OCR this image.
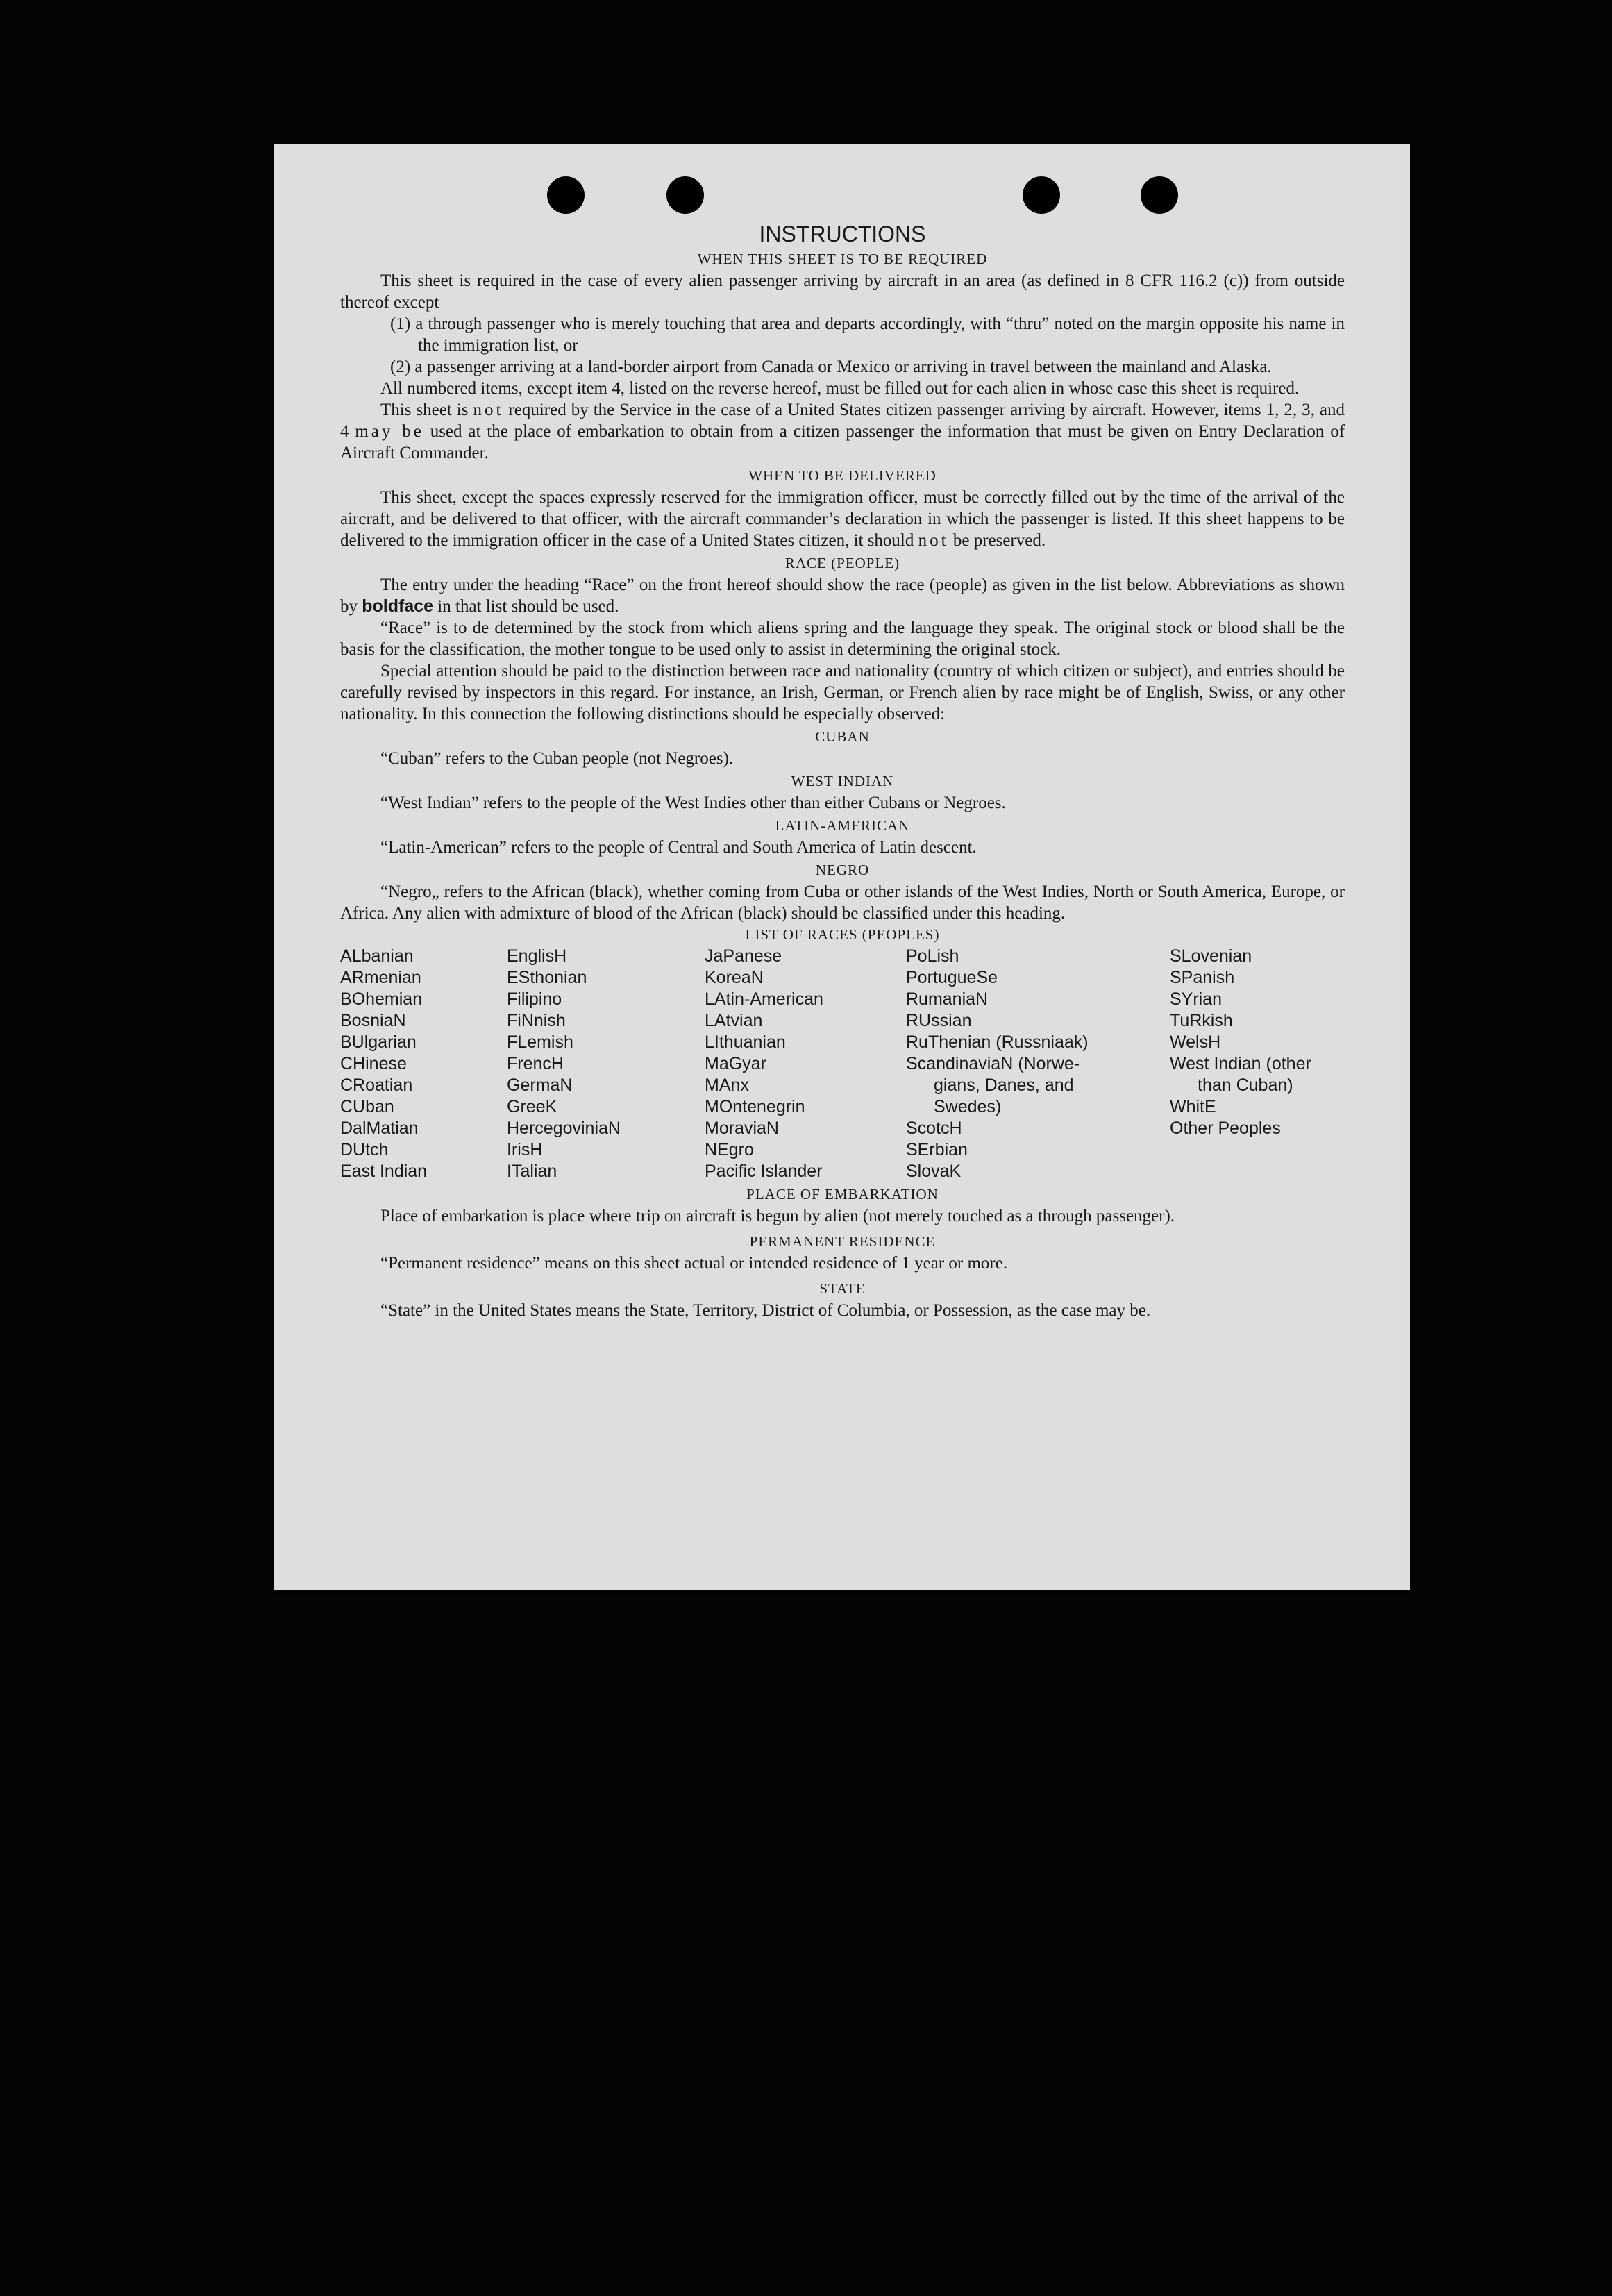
INSTRUCTIONS
WHEN THIS SHEET IS TO BE REQUIRED

This sheet is required in the case of every alien passenger arriving by aircraft in an area (as defined in 8 CFR 116.2 (c)) from outside thereof except

(1) a through passenger who is merely touching that area and departs accordingly, with “thru” noted on the margin opposite his name in the immigration list, or
(2) a passenger arriving at a land-border airport from Canada or Mexico or arriving in travel between the mainland and Alaska.

All numbered items, except item 4, listed on the reverse hereof, must be filled out for each alien in whose case this sheet is required.

This sheet is not required by the Service in the case of a United States citizen passenger arriving by aircraft. However, items 1, 2, 3, and 4 may be used at the place of embarkation to obtain from a citizen passenger the information that must be given on Entry Declaration of Aircraft Commander.

WHEN TO BE DELIVERED

This sheet, except the spaces expressly reserved for the immigration officer, must be correctly filled out by the time of the arrival of the aircraft, and be delivered to that officer, with the aircraft commander’s declaration in which the passenger is listed. If this sheet happens to be delivered to the immigration officer in the case of a United States citizen, it should not be preserved.

RACE (PEOPLE)

The entry under the heading “Race” on the front hereof should show the race (people) as given in the list below. Abbreviations as shown by boldface in that list should be used.

“Race” is to de determined by the stock from which aliens spring and the language they speak. The original stock or blood shall be the basis for the classification, the mother tongue to be used only to assist in determining the original stock.

Special attention should be paid to the distinction between race and nationality (country of which citizen or subject), and entries should be carefully revised by inspectors in this regard. For instance, an Irish, German, or French alien by race might be of English, Swiss, or any other nationality. In this connection the following distinctions should be especially observed:

CUBAN

“Cuban” refers to the Cuban people (not Negroes).

WEST INDIAN

“West Indian” refers to the people of the West Indies other than either Cubans or Negroes.

LATIN-AMERICAN

“Latin-American” refers to the people of Central and South America of Latin descent.

NEGRO

“Negro„ refers to the African (black), whether coming from Cuba or other islands of the West Indies, North or South America, Europe, or Africa. Any alien with admixture of blood of the African (black) should be classified under this heading.

LIST OF RACES (PEOPLES)
ALbanian
ARmenian
BOhemian
BosniaN
BUlgarian
CHinese
CRoatian
CUban
DalMatian
DUtch
East Indian
EnglisH
ESthonian
Filipino
FiNnish
FLemish
FrencH
GermaN
GreeK
HercegoviniaN
IrisH
ITalian
JaPanese
KoreaN
LAtin-American
LAtvian
LIthuanian
MaGyar
MAnx
MOntenegrin
MoraviaN
NEgro
Pacific Islander
PoLish
PortugueSe
RumaniaN
RUssian
RuThenian (Russniaak)
ScandinaviaN (Norwe-
gians, Danes, and
Swedes)
ScotcH
SErbian
SlovaK
SLovenian
SPanish
SYrian
TuRkish
WelsH
West Indian (other
than Cuban)
WhitE
Other Peoples
PLACE OF EMBARKATION

Place of embarkation is place where trip on aircraft is begun by alien (not merely touched as a through passenger).

PERMANENT RESIDENCE

“Permanent residence” means on this sheet actual or intended residence of 1 year or more.

STATE

“State” in the United States means the State, Territory, District of Columbia, or Possession, as the case may be.
